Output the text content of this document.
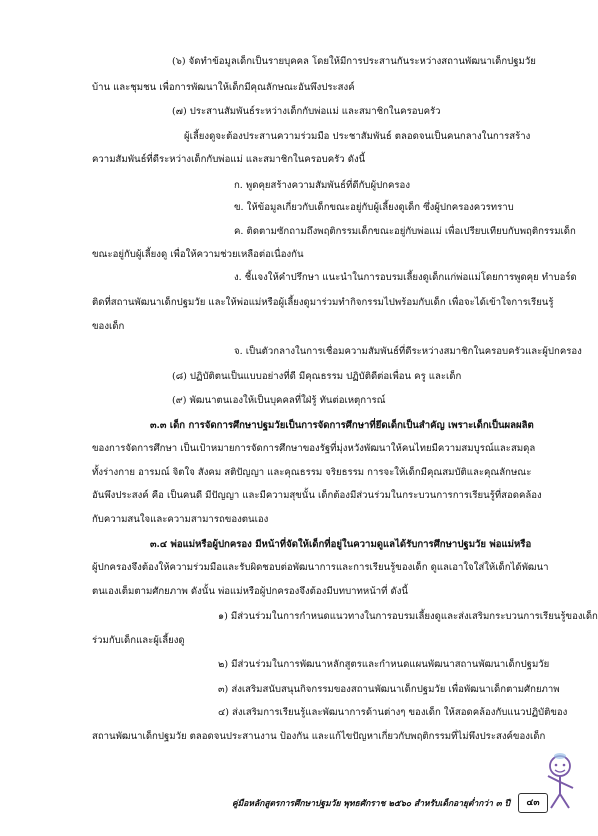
(๖) จัดทำข้อมูลเด็กเป็นรายบุคคล โดยให้มีการประสานกันระหว่างสถานพัฒนาเด็กปฐมวัย
บ้าน และชุมชน เพื่อการพัฒนาให้เด็กมีคุณลักษณะอันพึงประสงค์
(๗) ประสานสัมพันธ์ระหว่างเด็กกับพ่อแม่ และสมาชิกในครอบครัว
ผู้เลี้ยงดูจะต้องประสานความร่วมมือ ประชาสัมพันธ์ ตลอดจนเป็นคนกลางในการสร้าง
ความสัมพันธ์ที่ดีระหว่างเด็กกับพ่อแม่ และสมาชิกในครอบครัว ดังนี้
ก. พูดคุยสร้างความสัมพันธ์ที่ดีกับผู้ปกครอง
ข. ให้ข้อมูลเกี่ยวกับเด็กขณะอยู่กับผู้เลี้ยงดูเด็ก ซึ่งผู้ปกครองควรทราบ
ค. ติดตามซักถามถึงพฤติกรรมเด็กขณะอยู่กับพ่อแม่ เพื่อเปรียบเทียบกับพฤติกรรมเด็ก
ขณะอยู่กับผู้เลี้ยงดู เพื่อให้ความช่วยเหลือต่อเนื่องกัน
ง. ชี้แจงให้คำปรึกษา แนะนำในการอบรมเลี้ยงดูเด็กแก่พ่อแม่โดยการพูดคุย ทำบอร์ด
ติดที่สถานพัฒนาเด็กปฐมวัย และให้พ่อแม่หรือผู้เลี้ยงดูมาร่วมทำกิจกรรมไปพร้อมกับเด็ก เพื่อจะได้เข้าใจการเรียนรู้
ของเด็ก
จ. เป็นตัวกลางในการเชื่อมความสัมพันธ์ที่ดีระหว่างสมาชิกในครอบครัวและผู้ปกครอง
(๘) ปฏิบัติตนเป็นแบบอย่างที่ดี มีคุณธรรม ปฏิบัติดีต่อเพื่อน ครู และเด็ก
(๙) พัฒนาตนเองให้เป็นบุคคลที่ใฝ่รู้ ทันต่อเหตุการณ์
๓.๓ เด็ก การจัดการศึกษาปฐมวัยเป็นการจัดการศึกษาที่ยึดเด็กเป็นสำคัญ เพราะเด็กเป็นผลผลิต
ของการจัดการศึกษา เป็นเป้าหมายการจัดการศึกษาของรัฐที่มุ่งหวังพัฒนาให้คนไทยมีความสมบูรณ์และสมดุล
ทั้งร่างกาย อารมณ์ จิตใจ สังคม สติปัญญา และคุณธรรม จริยธรรม การจะให้เด็กมีคุณสมบัติและคุณลักษณะ
อันพึงประสงค์ คือ เป็นคนดี มีปัญญา และมีความสุขนั้น เด็กต้องมีส่วนร่วมในกระบวนการการเรียนรู้ที่สอดคล้อง
กับความสนใจและความสามารถของตนเอง
๓.๔ พ่อแม่หรือผู้ปกครอง มีหน้าที่จัดให้เด็กที่อยู่ในความดูแลได้รับการศึกษาปฐมวัย พ่อแม่หรือ
ผู้ปกครองจึงต้องให้ความร่วมมือและรับผิดชอบต่อพัฒนาการและการเรียนรู้ของเด็ก ดูแลเอาใจใส่ให้เด็กได้พัฒนา
ตนเองเต็มตามศักยภาพ ดังนั้น พ่อแม่หรือผู้ปกครองจึงต้องมีบทบาทหน้าที่ ดังนี้
๑) มีส่วนร่วมในการกำหนดแนวทางในการอบรมเลี้ยงดูและส่งเสริมกระบวนการเรียนรู้ของเด็ก
ร่วมกับเด็กและผู้เลี้ยงดู
๒) มีส่วนร่วมในการพัฒนาหลักสูตรและกำหนดแผนพัฒนาสถานพัฒนาเด็กปฐมวัย
๓) ส่งเสริมสนับสนุนกิจกรรมของสถานพัฒนาเด็กปฐมวัย เพื่อพัฒนาเด็กตามศักยภาพ
๔) ส่งเสริมการเรียนรู้และพัฒนาการด้านต่างๆ ของเด็ก ให้สอดคล้องกับแนวปฏิบัติของ
สถานพัฒนาเด็กปฐมวัย ตลอดจนประสานงาน ป้องกัน และแก้ไขปัญหาเกี่ยวกับพฤติกรรมที่ไม่พึงประสงค์ของเด็ก
คู่มือหลักสูตรการศึกษาปฐมวัย พุทธศักราช ๒๕๖๐ สำหรับเด็กอายุต่ำกว่า ๓ ปี	๔๓
